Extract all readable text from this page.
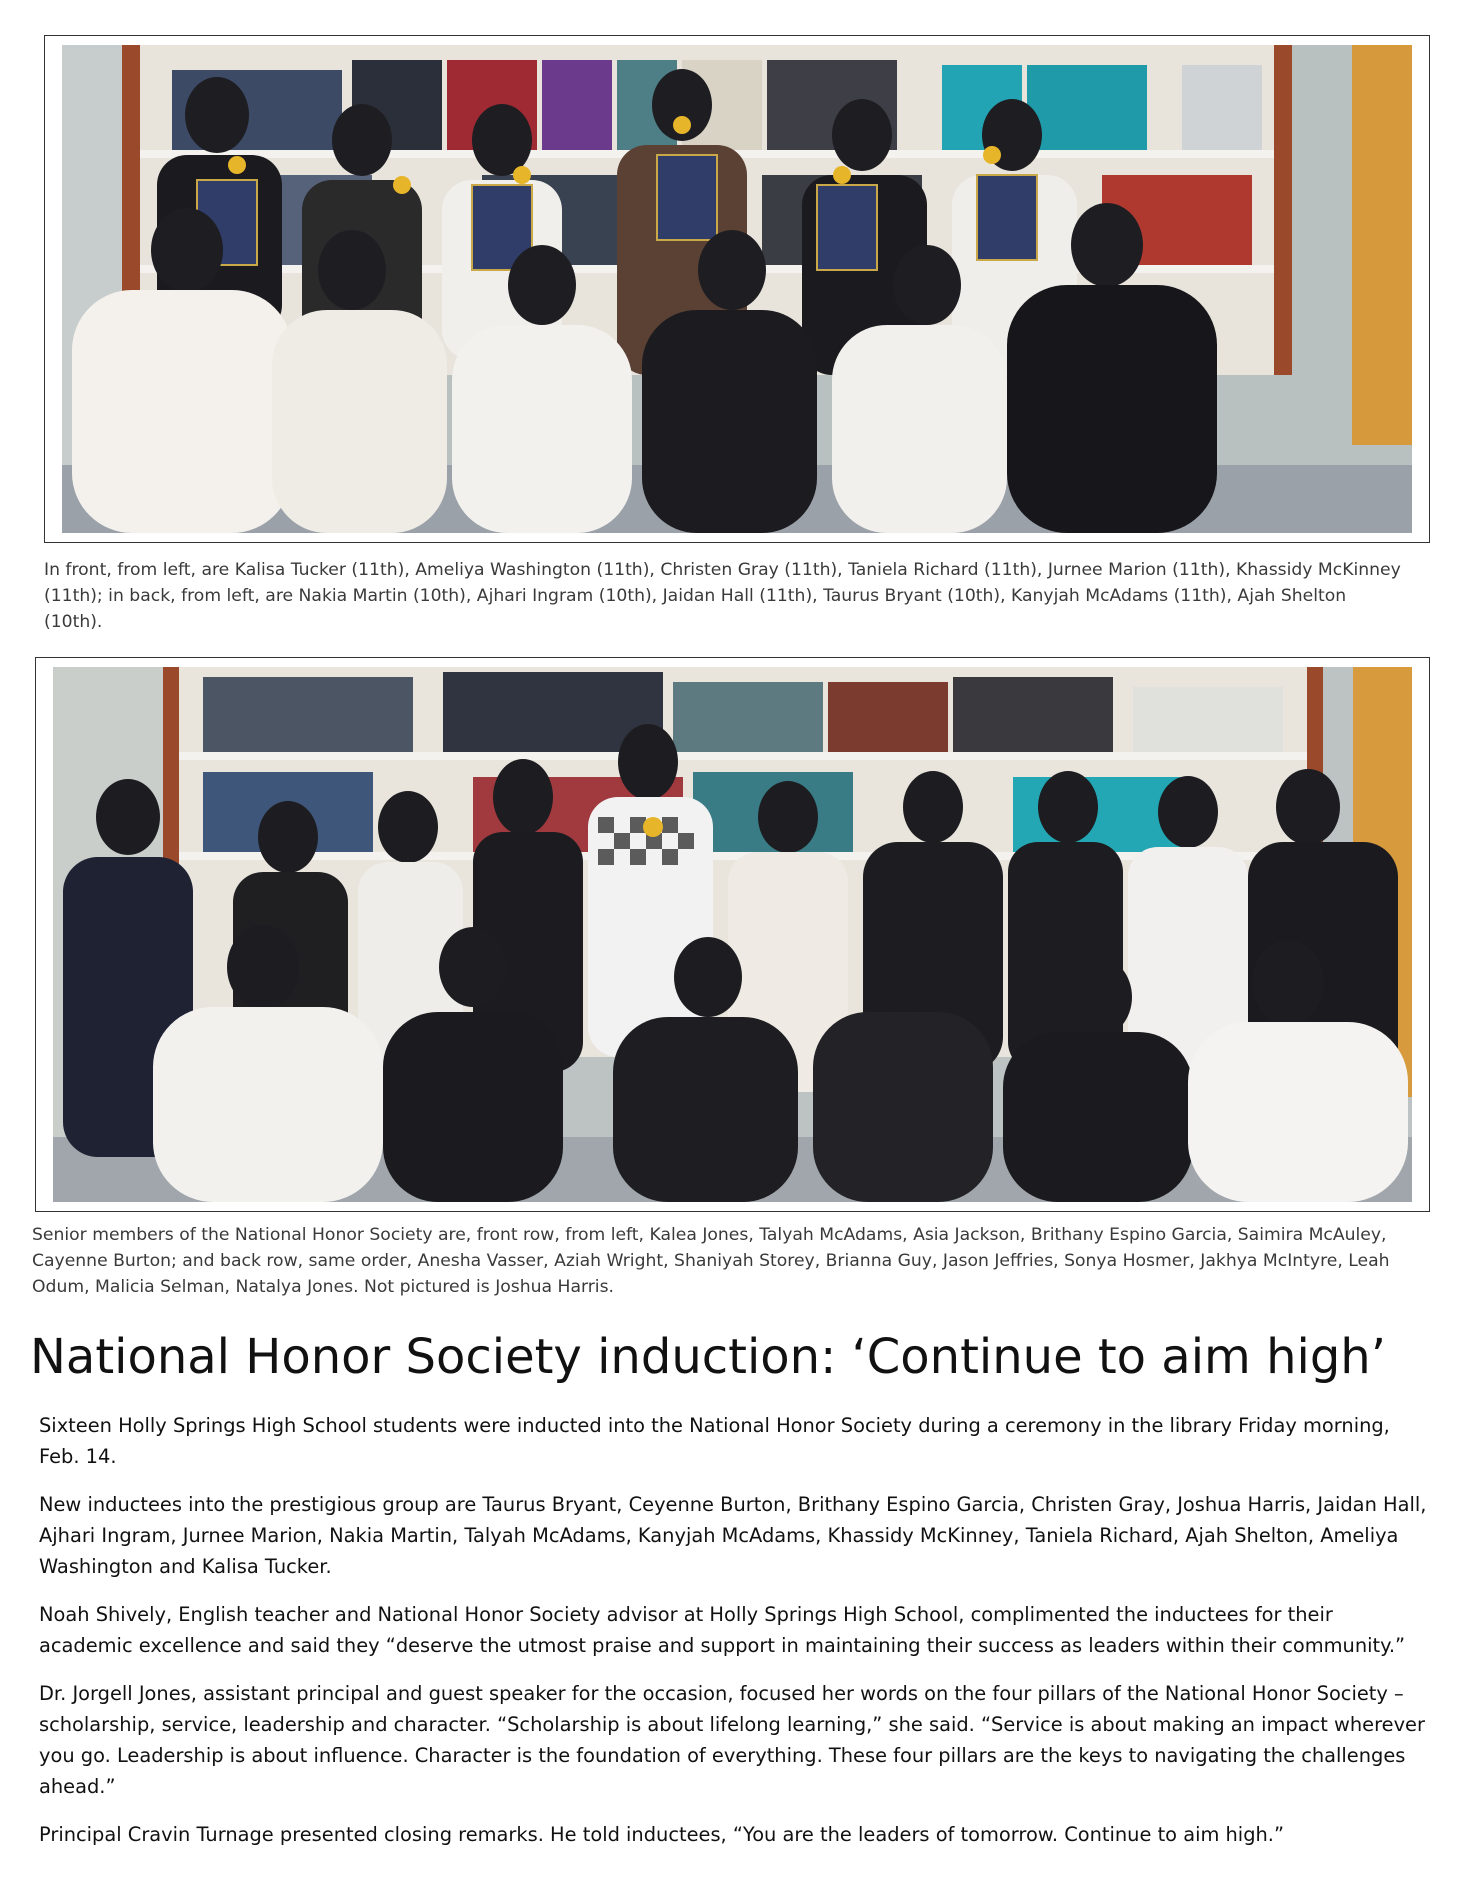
In front, from left, are Kalisa Tucker (11th), Ameliya Washington (11th), Christen Gray (11th), Taniela Richard (11th), Jurnee Marion (11th), Khassidy McKinney (11th); in back, from left, are Nakia Martin (10th), Ajhari Ingram (10th), Jaidan Hall (11th), Taurus Bryant (10th), Kanyjah McAdams (11th), Ajah Shelton (10th).
Senior members of the National Honor Society are, front row, from left, Kalea Jones, Talyah McAdams, Asia Jackson, Brithany Espino Garcia, Saimira McAuley, Cayenne Burton; and back row, same order, Anesha Vasser, Aziah Wright, Shaniyah Storey, Brianna Guy, Jason Jeffries, Sonya Hosmer, Jakhya McIntyre, Leah Odum, Malicia Selman, Natalya Jones. Not pictured is Joshua Harris.
National Honor Society induction: ‘Continue to aim high’

Sixteen Holly Springs High School students were inducted into the National Honor Society during a ceremony in the library Friday morning, Feb. 14.

New inductees into the prestigious group are Taurus Bryant, Ceyenne Burton, Brithany Espino Garcia, Christen Gray, Joshua Harris, Jaidan Hall, Ajhari Ingram, Jurnee Marion, Nakia Martin, Talyah McAdams, Kanyjah McAdams, Khassidy McKinney, Taniela Richard, Ajah Shelton, Ameliya Washington and Kalisa Tucker.

Noah Shively, English teacher and National Honor Society advisor at Holly Springs High School, complimented the inductees for their academic excellence and said they “deserve the utmost praise and support in maintaining their success as leaders within their community.”

Dr. Jorgell Jones, assistant principal and guest speaker for the occasion, focused her words on the four pillars of the National Honor Society – scholarship, service, leadership and character. “Scholarship is about lifelong learning,” she said. “Service is about making an impact wherever you go. Leadership is about influence. Character is the foundation of everything. These four pillars are the keys to navigating the challenges ahead.”

Principal Cravin Turnage presented closing remarks. He told inductees, “You are the leaders of tomorrow. Continue to aim high.”
